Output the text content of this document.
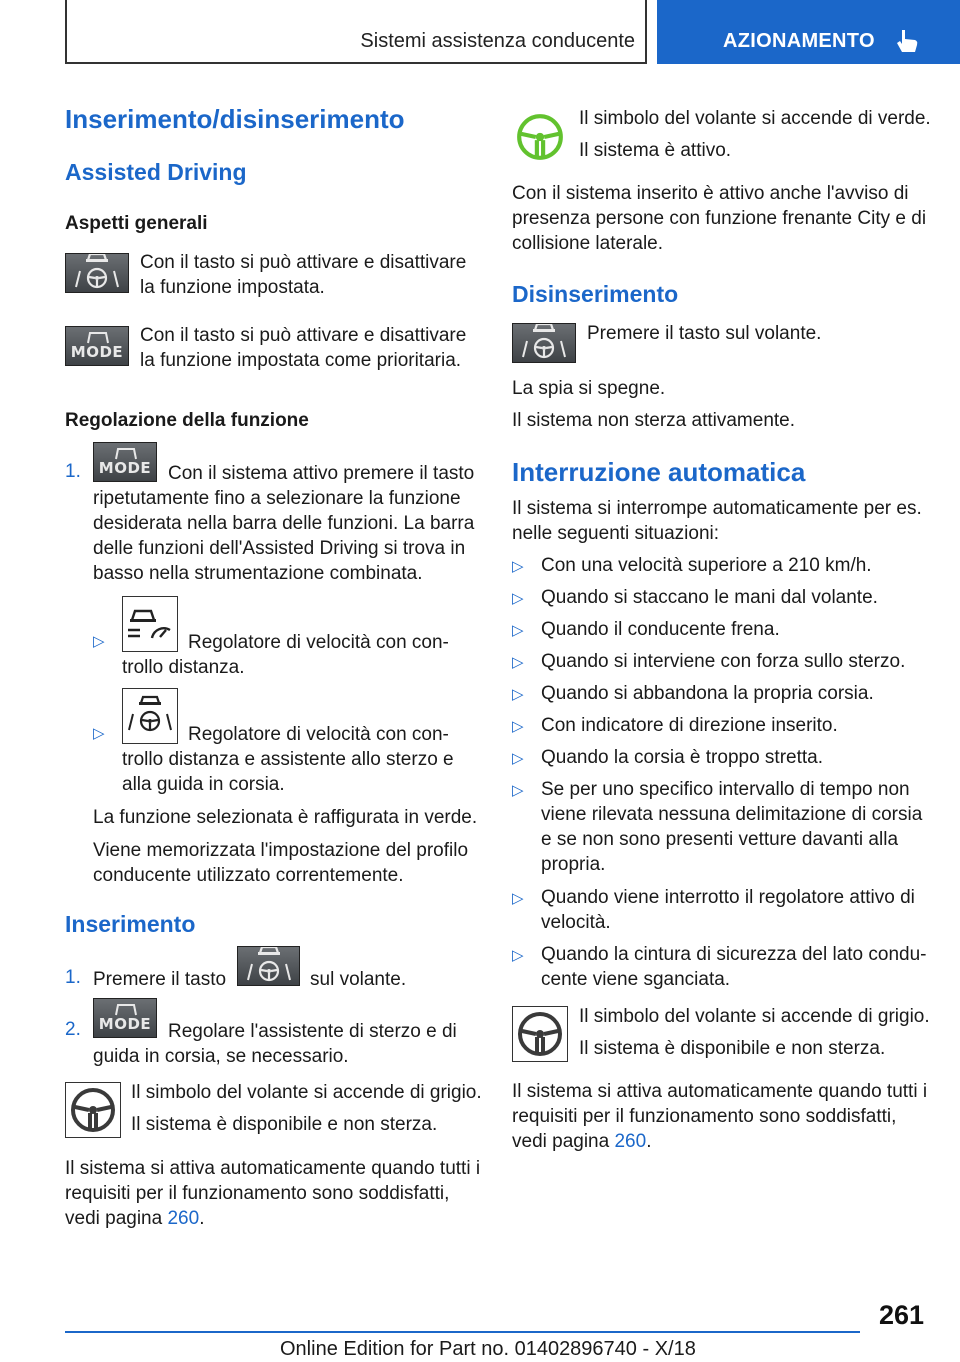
Sistemi assistenza conducente	AZIONAMENTO
Inserimento/disinserimento
Assisted Driving
Aspetti generali
Con il tasto si può attivare e disattivare
la funzione impostata.
MODE
Con il tasto si può attivare e disattivare
la funzione impostata come prioritaria.
Regolazione della funzione
1. MODE Con il sistema attivo premere il tasto
ripetutamente fino a selezionare la funzione
desiderata nella barra delle funzioni. La barra
delle funzioni dell'Assisted Driving si trova in
basso nella strumentazione combinata.
▷	Regolatore di velocità con con-
trollo distanza.
▷	Regolatore di velocità con con-
trollo distanza e assistente allo sterzo e
alla guida in corsia.
La funzione selezionata è raffigurata in verde.
Viene memorizzata l'impostazione del profilo
conducente utilizzato correntemente.
Inserimento
1. Premere il tasto	sul volante.
2. MODE Regolare l'assistente di sterzo e di
guida in corsia, se necessario.
Il simbolo del volante si accende di grigio.
Il sistema è disponibile e non sterza.
Il sistema si attiva automaticamente quando tutti i
requisiti per il funzionamento sono soddisfatti,
vedi pagina 260.
Il simbolo del volante si accende di verde.
Il sistema è attivo.
Con il sistema inserito è attivo anche l'avviso di
presenza persone con funzione frenante City e di
collisione laterale.
Disinserimento
Premere il tasto sul volante.
La spia si spegne.
Il sistema non sterza attivamente.
Interruzione automatica
Il sistema si interrompe automaticamente per es.
nelle seguenti situazioni:
▷ Con una velocità superiore a 210 km/h.
▷ Quando si staccano le mani dal volante.
▷ Quando il conducente frena.
▷ Quando si interviene con forza sullo sterzo.
▷ Quando si abbandona la propria corsia.
▷ Con indicatore di direzione inserito.
▷ Quando la corsia è troppo stretta.
▷ Se per uno specifico intervallo di tempo non
viene rilevata nessuna delimitazione di corsia
e se non sono presenti vetture davanti alla
propria.
▷ Quando viene interrotto il regolatore attivo di
velocità.
▷ Quando la cintura di sicurezza del lato condu-
cente viene sganciata.
Il simbolo del volante si accende di grigio.
Il sistema è disponibile e non sterza.
Il sistema si attiva automaticamente quando tutti i
requisiti per il funzionamento sono soddisfatti,
vedi pagina 260.
261
Online Edition for Part no. 01402896740 - X/18
